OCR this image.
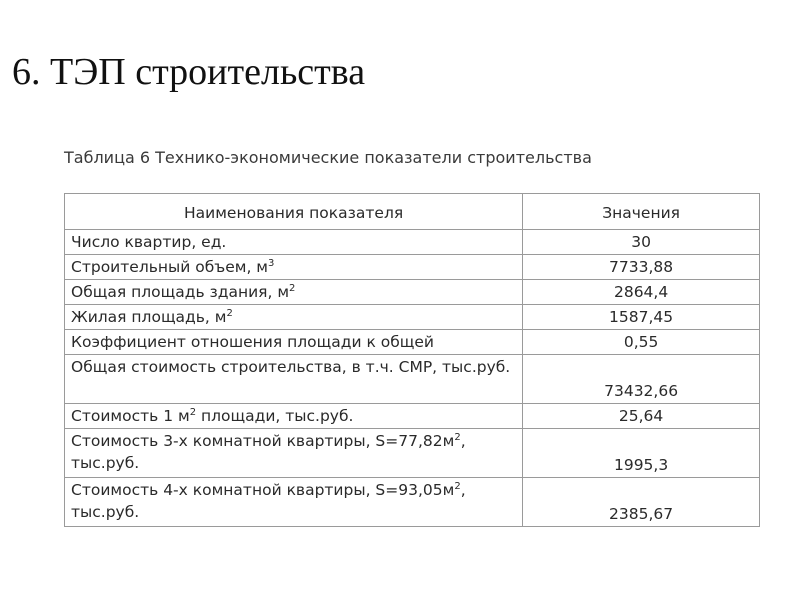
6. ТЭП строительства
Таблица 6 Технико-экономические показатели строительства
Наименования показателя	Значения
Число квартир, ед.	30
Строительный объем, $м^3$	7733,88
Общая площадь здания, $м^2$	2864,4
Жилая площадь, $м^2$	1587,45
Коэффициент отношения площади к общей	0,55
Общая стоимость строительства, в т.ч. СМР, тыс.руб.	73432,66
Стоимость 1 $м^2$ площади, тыс.руб.	25,64
Стоимость 3-х комнатной квартиры, $S=77,82м^2$, тыс.руб.	1995,3
Стоимость 4-х комнатной квартиры, $S=93,05м^2$, тыс.руб.	2385,67
